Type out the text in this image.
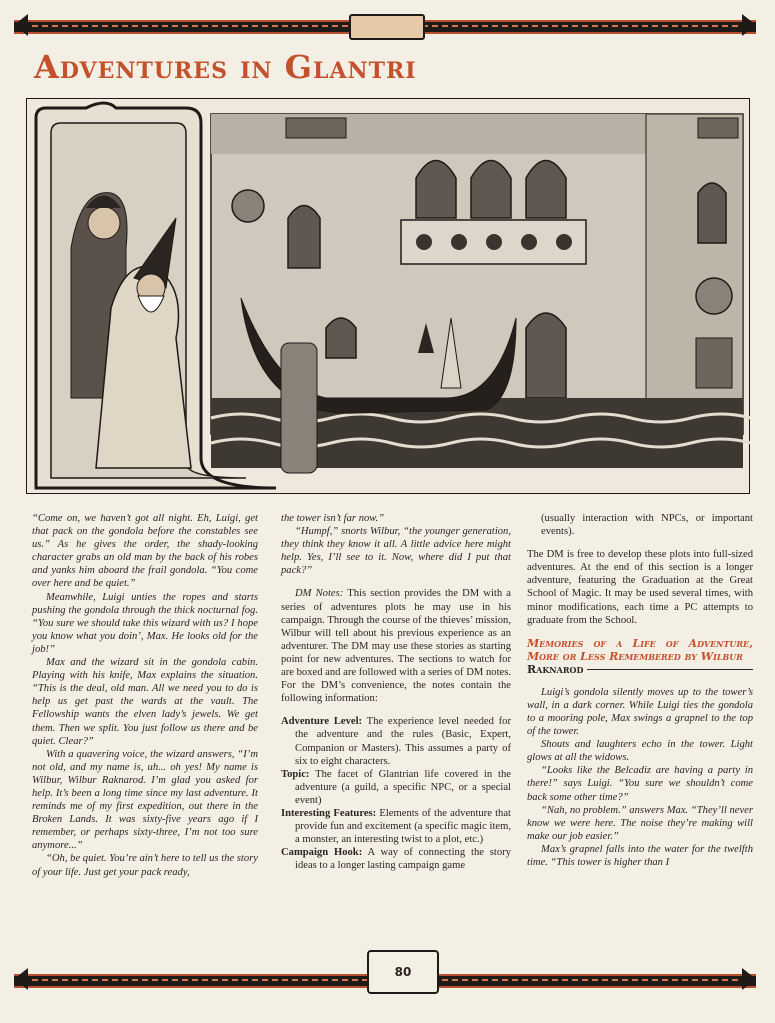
Adventures in Glantri

“Come on, we haven’t got all night. Eh, Luigi, get that pack on the gondola before the constables see us.” As he gives the order, the shady-looking character grabs an old man by the back of his robes and yanks him aboard the frail gondola. “You come over here and be quiet.”

Meanwhile, Luigi unties the ropes and starts pushing the gondola through the thick nocturnal fog. “You sure we should take this wizard with us? I hope you know what you doin’, Max. He looks old for the job!”

Max and the wizard sit in the gondola cabin. Playing with his knife, Max explains the situation. “This is the deal, old man. All we need you to do is help us get past the wards at the vault. The Fellowship wants the elven lady’s jewels. We get them. Then we split. You just follow us there and be quiet. Clear?”

With a quavering voice, the wizard answers, “I’m not old, and my name is, uh... oh yes! My name is Wilbur, Wilbur Raknarod. I’m glad you asked for help. It’s been a long time since my last adventure. It reminds me of my first expedition, out there in the Broken Lands. It was sixty-five years ago if I remember, or perhaps sixty-three, I’m not too sure anymore...”

“Oh, be quiet. You’re ain’t here to tell us the story of your life. Just get your pack ready,

the tower isn’t far now.”

“Humpf,” snorts Wilbur, “the younger generation, they think they know it all. A little advice here might help. Yes, I’ll see to it. Now, where did I put that pack?”

DM Notes: This section provides the DM with a series of adventures plots he may use in his campaign. Through the course of the thieves’ mission, Wilbur will tell about his previous experience as an adventurer. The DM may use these stories as starting point for new adventures. The sections to watch for are boxed and are followed with a series of DM notes. For the DM’s convenience, the notes contain the following information:

Adventure Level: The experience level needed for the adventure and the rules (Basic, Expert, Companion or Masters). This assumes a party of six to eight characters.

Topic: The facet of Glantrian life covered in the adventure (a guild, a specific NPC, or a special event)

Interesting Features: Elements of the adventure that provide fun and excitement (a specific magic item, a monster, an interesting twist to a plot, etc.)

Campaign Hook: A way of connecting the story ideas to a longer lasting campaign game

(usually interaction with NPCs, or important events).

The DM is free to develop these plots into full-sized adventures. At the end of this section is a longer adventure, featuring the Graduation at the Great School of Magic. It may be used several times, with minor modifications, each time a PC attempts to graduate from the School.

Memories of a Life of Adventure, More or Less Remembered by Wilbur

Raknarod

Luigi’s gondola silently moves up to the tower’s wall, in a dark corner. While Luigi ties the gondola to a mooring pole, Max swings a grapnel to the top of the tower.

Shouts and laughters echo in the tower. Light glows at all the widows.

“Looks like the Belcadiz are having a party in there!” says Luigi. “You sure we shouldn’t come back some other time?”

“Nah, no problem.” answers Max. “They’ll never know we were here. The noise they’re making will make our job easier.”

Max’s grapnel falls into the water for the twelfth time. “This tower is higher than I

80
